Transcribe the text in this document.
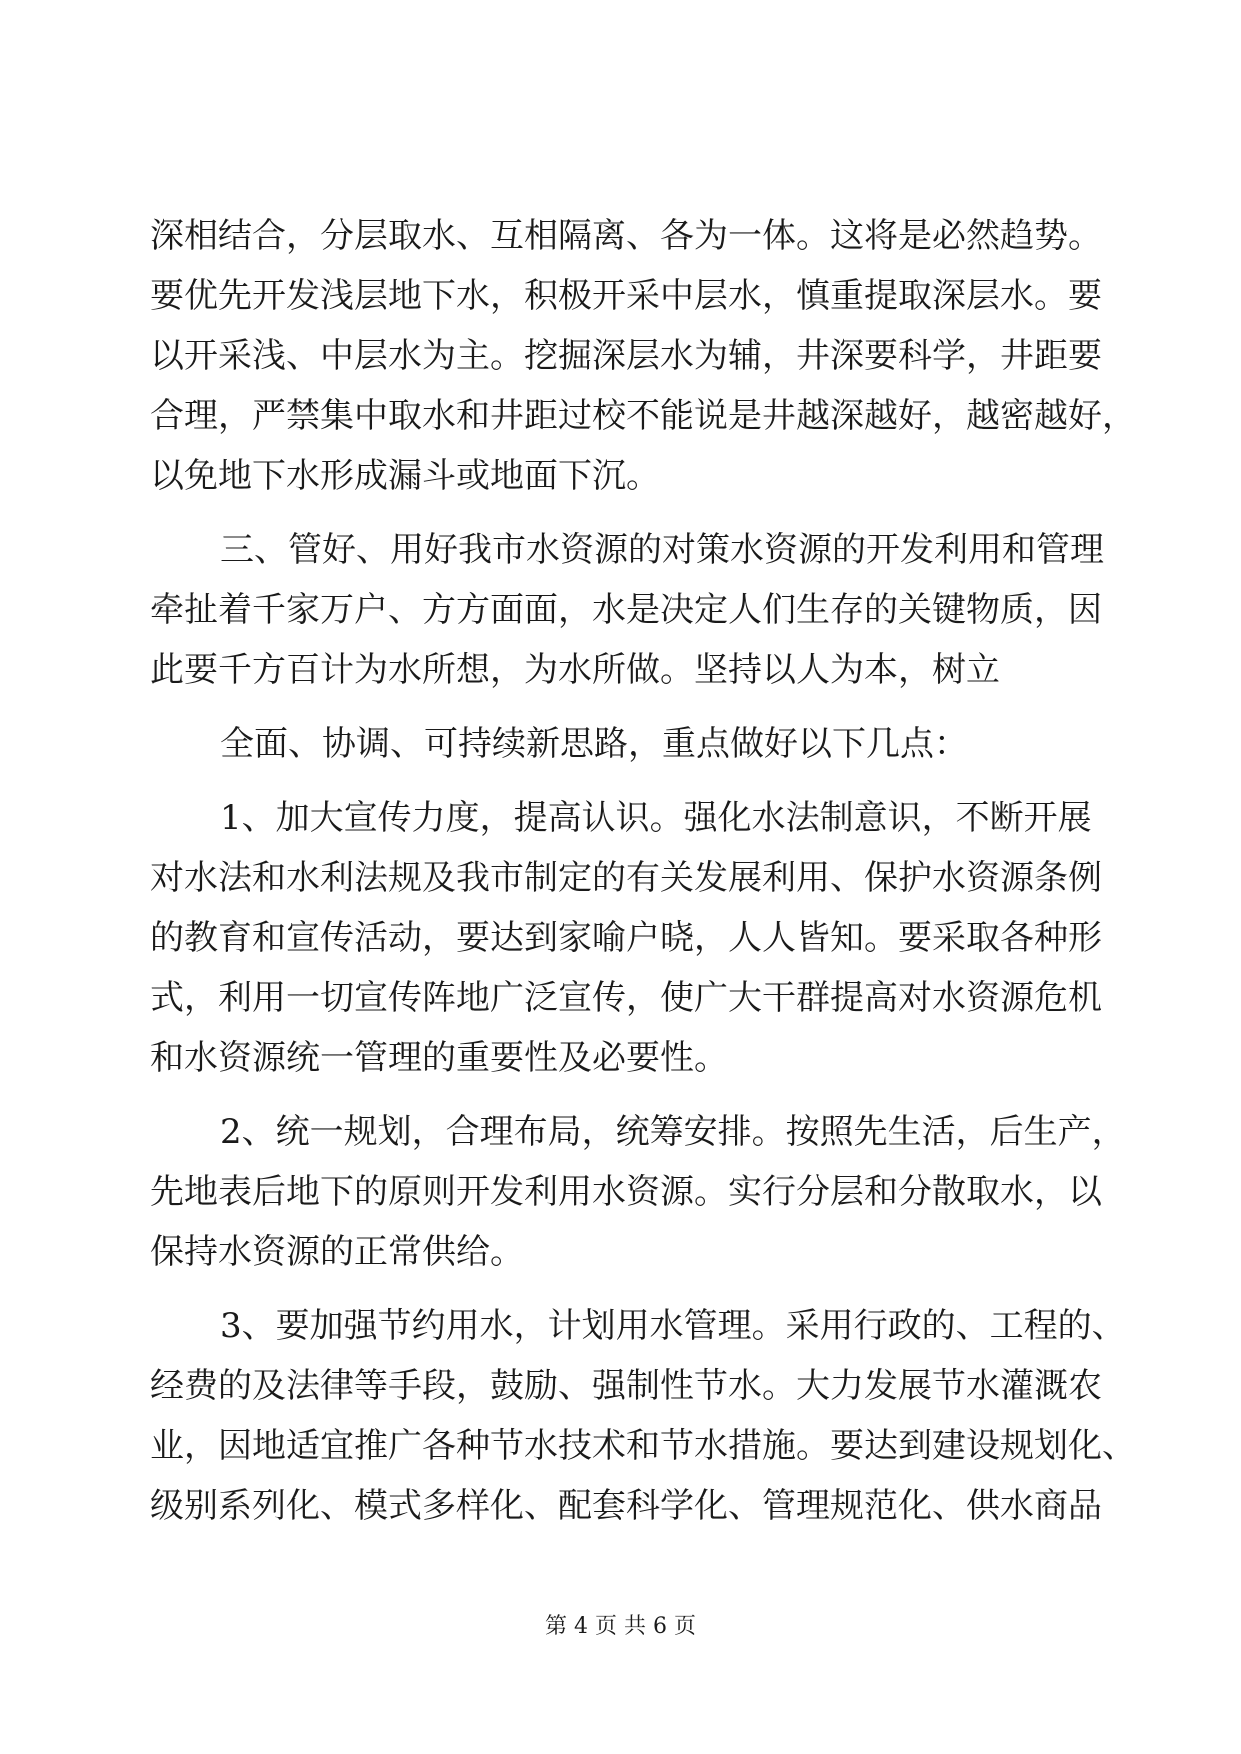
深相结合，分层取水、互相隔离、各为一体。这将是必然趋势。
要优先开发浅层地下水，积极开采中层水，慎重提取深层水。要
以开采浅、中层水为主。挖掘深层水为辅，井深要科学，井距要
合理，严禁集中取水和井距过校不能说是井越深越好，越密越好，
以免地下水形成漏斗或地面下沉。
三、管好、用好我市水资源的对策水资源的开发利用和管理
牵扯着千家万户、方方面面，水是决定人们生存的关键物质，因
此要千方百计为水所想，为水所做。坚持以人为本，树立
全面、协调、可持续新思路，重点做好以下几点：
1、加大宣传力度，提高认识。强化水法制意识，不断开展
对水法和水利法规及我市制定的有关发展利用、保护水资源条例
的教育和宣传活动，要达到家喻户晓，人人皆知。要采取各种形
式，利用一切宣传阵地广泛宣传，使广大干群提高对水资源危机
和水资源统一管理的重要性及必要性。
2、统一规划，合理布局，统筹安排。按照先生活，后生产，
先地表后地下的原则开发利用水资源。实行分层和分散取水，以
保持水资源的正常供给。
3、要加强节约用水，计划用水管理。采用行政的、工程的、
经费的及法律等手段，鼓励、强制性节水。大力发展节水灌溉农
业，因地适宜推广各种节水技术和节水措施。要达到建设规划化、
级别系列化、模式多样化、配套科学化、管理规范化、供水商品
第 4 页 共 6 页
